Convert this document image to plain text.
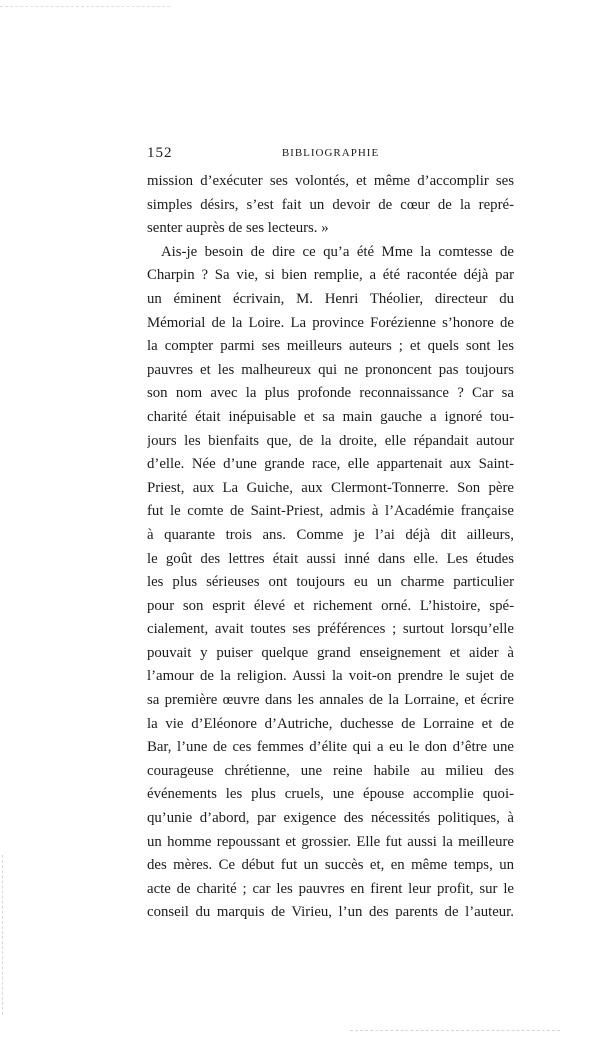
152	BIBLIOGRAPHIE
mission d’exécuter ses volontés, et même d’accomplir ses
simples désirs, s’est fait un devoir de cœur de la repré-
senter auprès de ses lecteurs. »
Ais-je besoin de dire ce qu’a été Mme la comtesse de
Charpin ? Sa vie, si bien remplie, a été racontée déjà par
un éminent écrivain, M. Henri Théolier, directeur du
Mémorial de la Loire. La province Forézienne s’honore de
la compter parmi ses meilleurs auteurs ; et quels sont les
pauvres et les malheureux qui ne prononcent pas toujours
son nom avec la plus profonde reconnaissance ? Car sa
charité était inépuisable et sa main gauche a ignoré tou-
jours les bienfaits que, de la droite, elle répandait autour
d’elle. Née d’une grande race, elle appartenait aux Saint-
Priest, aux La Guiche, aux Clermont-Tonnerre. Son père
fut le comte de Saint-Priest, admis à l’Académie française
à quarante trois ans. Comme je l’ai déjà dit ailleurs,
le goût des lettres était aussi inné dans elle. Les études
les plus sérieuses ont toujours eu un charme particulier
pour son esprit élevé et richement orné. L’histoire, spé-
cialement, avait toutes ses préférences ; surtout lorsqu’elle
pouvait y puiser quelque grand enseignement et aider à
l’amour de la religion. Aussi la voit-on prendre le sujet de
sa première œuvre dans les annales de la Lorraine, et écrire
la vie d’Eléonore d’Autriche, duchesse de Lorraine et de
Bar, l’une de ces femmes d’élite qui a eu le don d’être une
courageuse chrétienne, une reine habile au milieu des
événements les plus cruels, une épouse accomplie quoi-
qu’unie d’abord, par exigence des nécessités politiques, à
un homme repoussant et grossier. Elle fut aussi la meilleure
des mères. Ce début fut un succès et, en même temps, un
acte de charité ; car les pauvres en firent leur profit, sur le
conseil du marquis de Virieu, l’un des parents de l’auteur.
